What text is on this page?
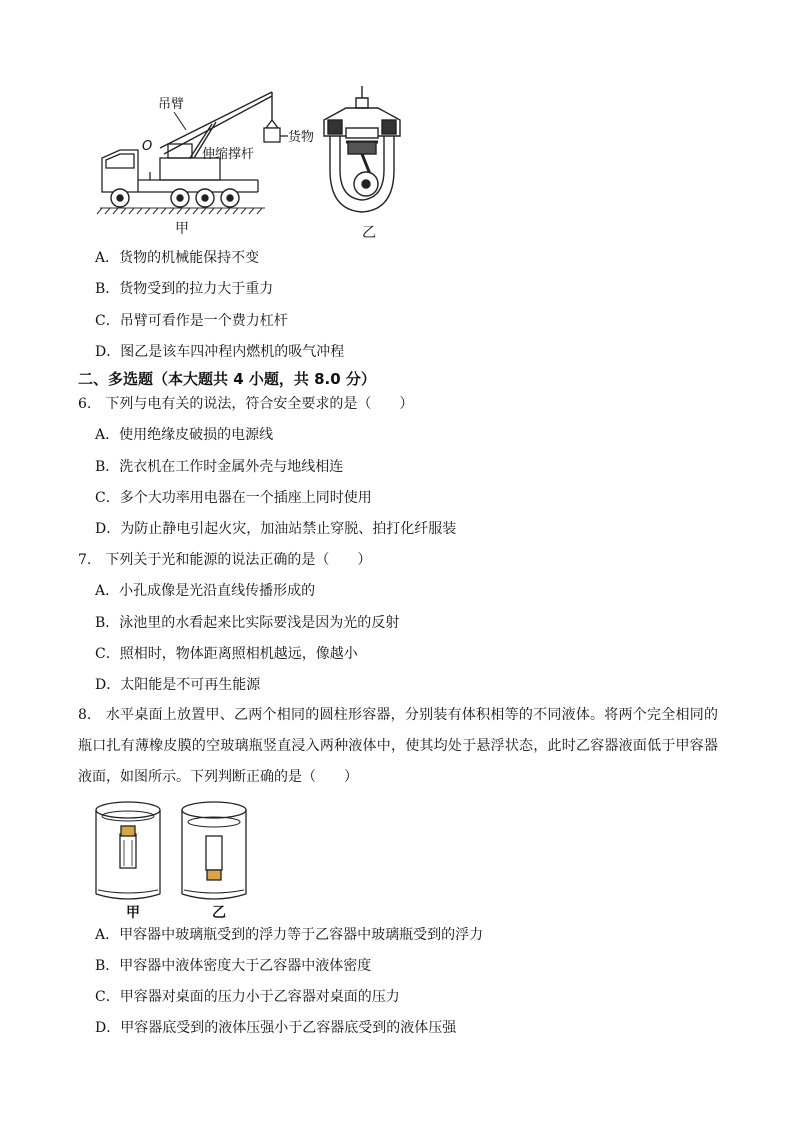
吊臂
O
伸缩撑杆
货物
甲	乙
A．货物的机械能保持不变
B．货物受到的拉力大于重力
C．吊臂可看作是一个费力杠杆
D．图乙是该车四冲程内燃机的吸气冲程
二、多选题（本大题共 4 小题，共 8.0 分）
6.　下列与电有关的说法，符合安全要求的是（　　）
A．使用绝缘皮破损的电源线
B．洗衣机在工作时金属外壳与地线相连
C．多个大功率用电器在一个插座上同时使用
D．为防止静电引起火灾，加油站禁止穿脱、拍打化纤服装
7.　下列关于光和能源的说法正确的是（　　）
A．小孔成像是光沿直线传播形成的
B．泳池里的水看起来比实际要浅是因为光的反射
C．照相时，物体距离照相机越远，像越小
D．太阳能是不可再生能源
8.　水平桌面上放置甲、乙两个相同的圆柱形容器，分别装有体积相等的不同液体。将两个完全相同的瓶口扎有薄橡皮膜的空玻璃瓶竖直浸入两种液体中，使其均处于悬浮状态，此时乙容器液面低于甲容器液面，如图所示。下列判断正确的是（　　）
甲	乙
A．甲容器中玻璃瓶受到的浮力等于乙容器中玻璃瓶受到的浮力
B．甲容器中液体密度大于乙容器中液体密度
C．甲容器对桌面的压力小于乙容器对桌面的压力
D．甲容器底受到的液体压强小于乙容器底受到的液体压强
